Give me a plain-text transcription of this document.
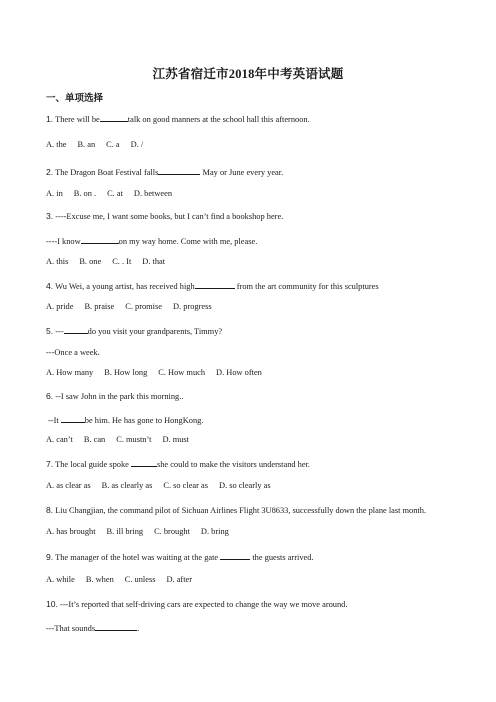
江苏省宿迁市2018年中考英语试题
一、单项选择
1. There will be	talk on good manners at the school hall this afternoon.
A. the B. an C. a D. /
2. The Dragon Boat Festival falls	May or June every year.
A. in B. on . C. at D. between
3. ----Excuse me, I want some books, but I can’t find a bookshop here.
----I know	on my way home. Come with me, please.
A. this B. one C. . It D. that
4. Wu Wei, a young artist, has received high	from the art community for this sculptures
A. pride B. praise C. promise D. progress
5. ---	do you visit your grandparents, Timmy?
---Once a week.
A. How many B. How long C. How much D. How often
6. --I saw John in the park this morning..
--It	be him. He has gone to HongKong.
A. can’t B. can C. mustn’t D. must
7. The local guide spoke	she could to make the visitors understand her.
A. as clear as B. as clearly as C. so clear as D. so clearly as
8. Liu Changjian, the command pilot of Sichuan Airlines Flight 3U8633, successfully down the plane last month.
A. has brought B. ill bring C. brought D. bring
9. The manager of the hotel was waiting at the gate	the guests arrived.
A. while B. when C. unless D. after
10. ---It’s reported that self-driving cars are expected to change the way we move around.
---That sounds	.
